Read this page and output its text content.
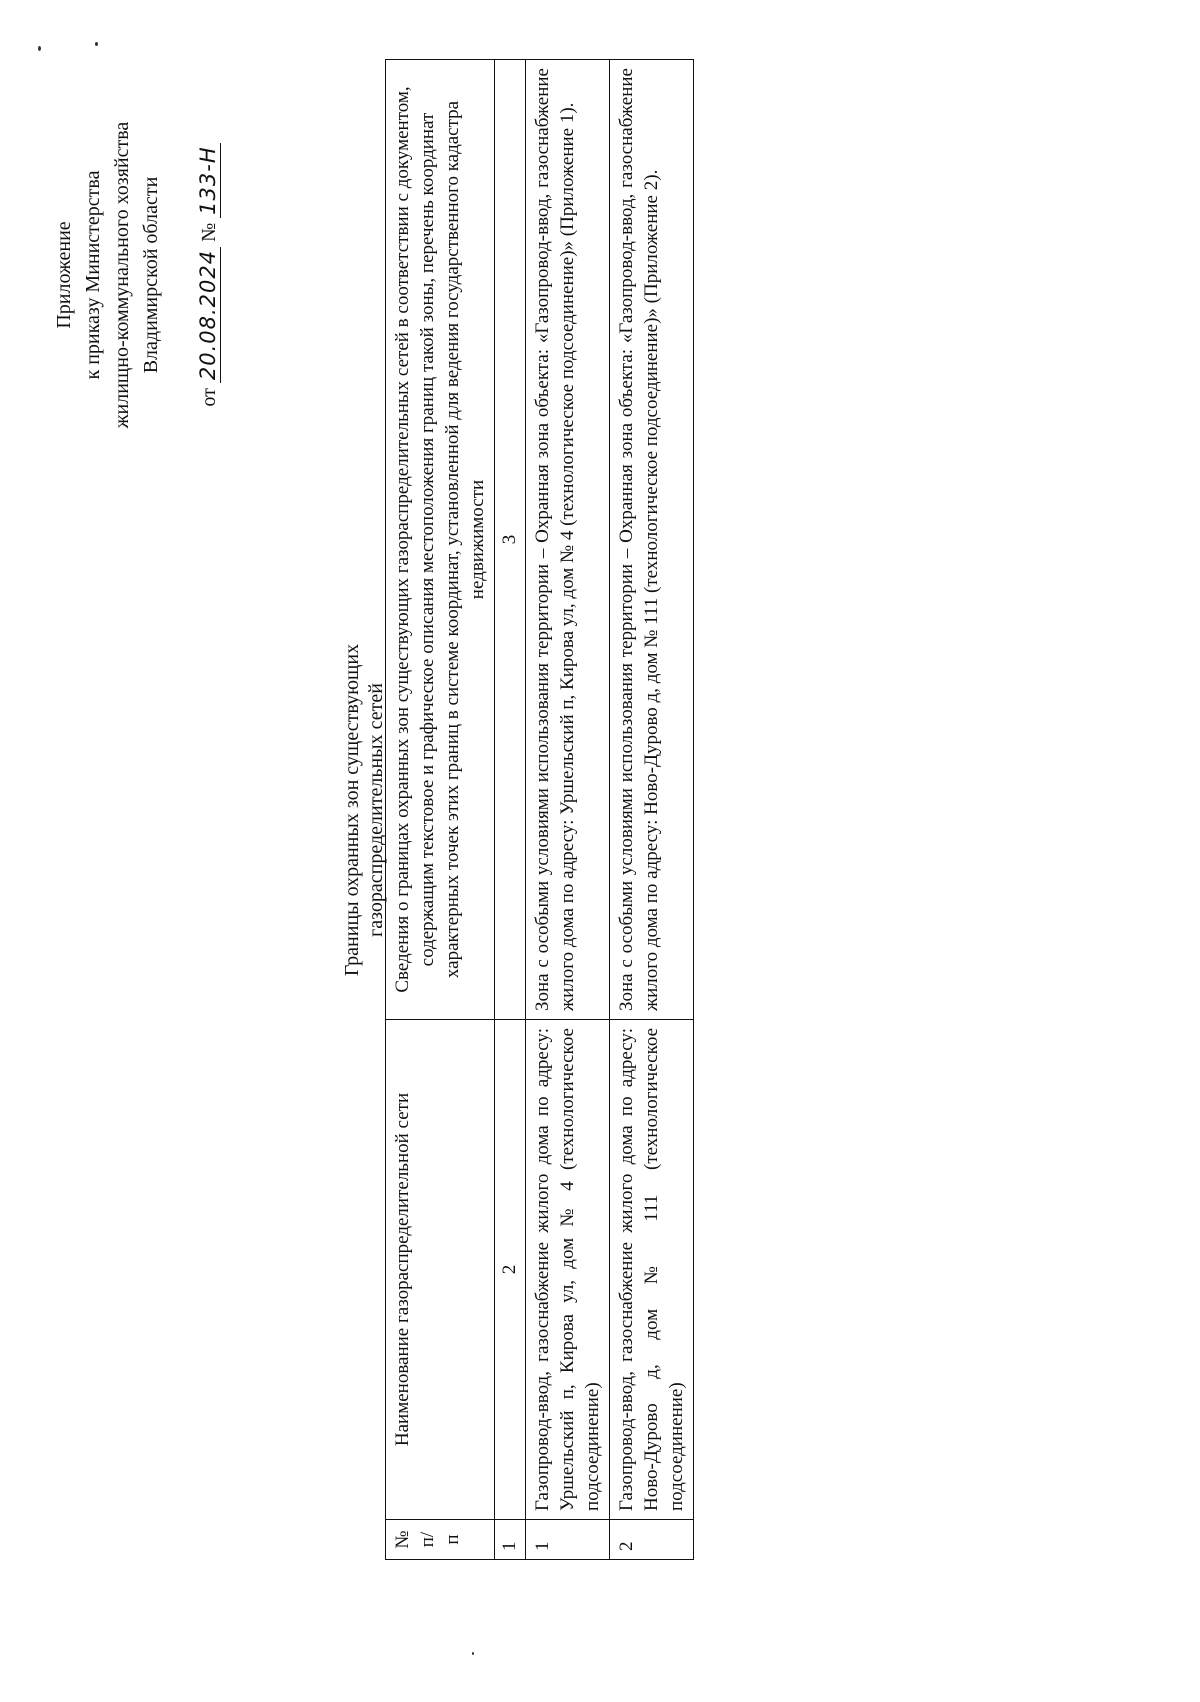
Приложение к приказу Министерства жилищно-коммунального хозяйства Владимирской области
от 20.08.2024 № 133-Н
Границы охранных зон существующих газораспределительных сетей
№ п/п	Наименование газораспределительной сети	Сведения о границах охранных зон существующих газораспределительных сетей в соответствии с документом, содержащим текстовое и графическое описания местоположения границ такой зоны, перечень координат характерных точек этих границ в системе координат, установленной для ведения государственного кадастра недвижимости
1	2	3
1	Газопровод-ввод, газоснабжение жилого дома по адресу: Уршельский п, Кирова ул, дом № 4 (технологическое подсоединение)	Зона с особыми условиями использования территории – Охранная зона объекта: «Газопровод-ввод, газоснабжение жилого дома по адресу: Уршельский п, Кирова ул, дом № 4 (технологическое подсоединение)» (Приложение 1).
2	Газопровод-ввод, газоснабжение жилого дома по адресу: Ново-Дурово д, дом № 111 (технологическое подсоединение)	Зона с особыми условиями использования территории – Охранная зона объекта: «Газопровод-ввод, газоснабжение жилого дома по адресу: Ново-Дурово д, дом № 111 (технологическое подсоединение)» (Приложение 2).
